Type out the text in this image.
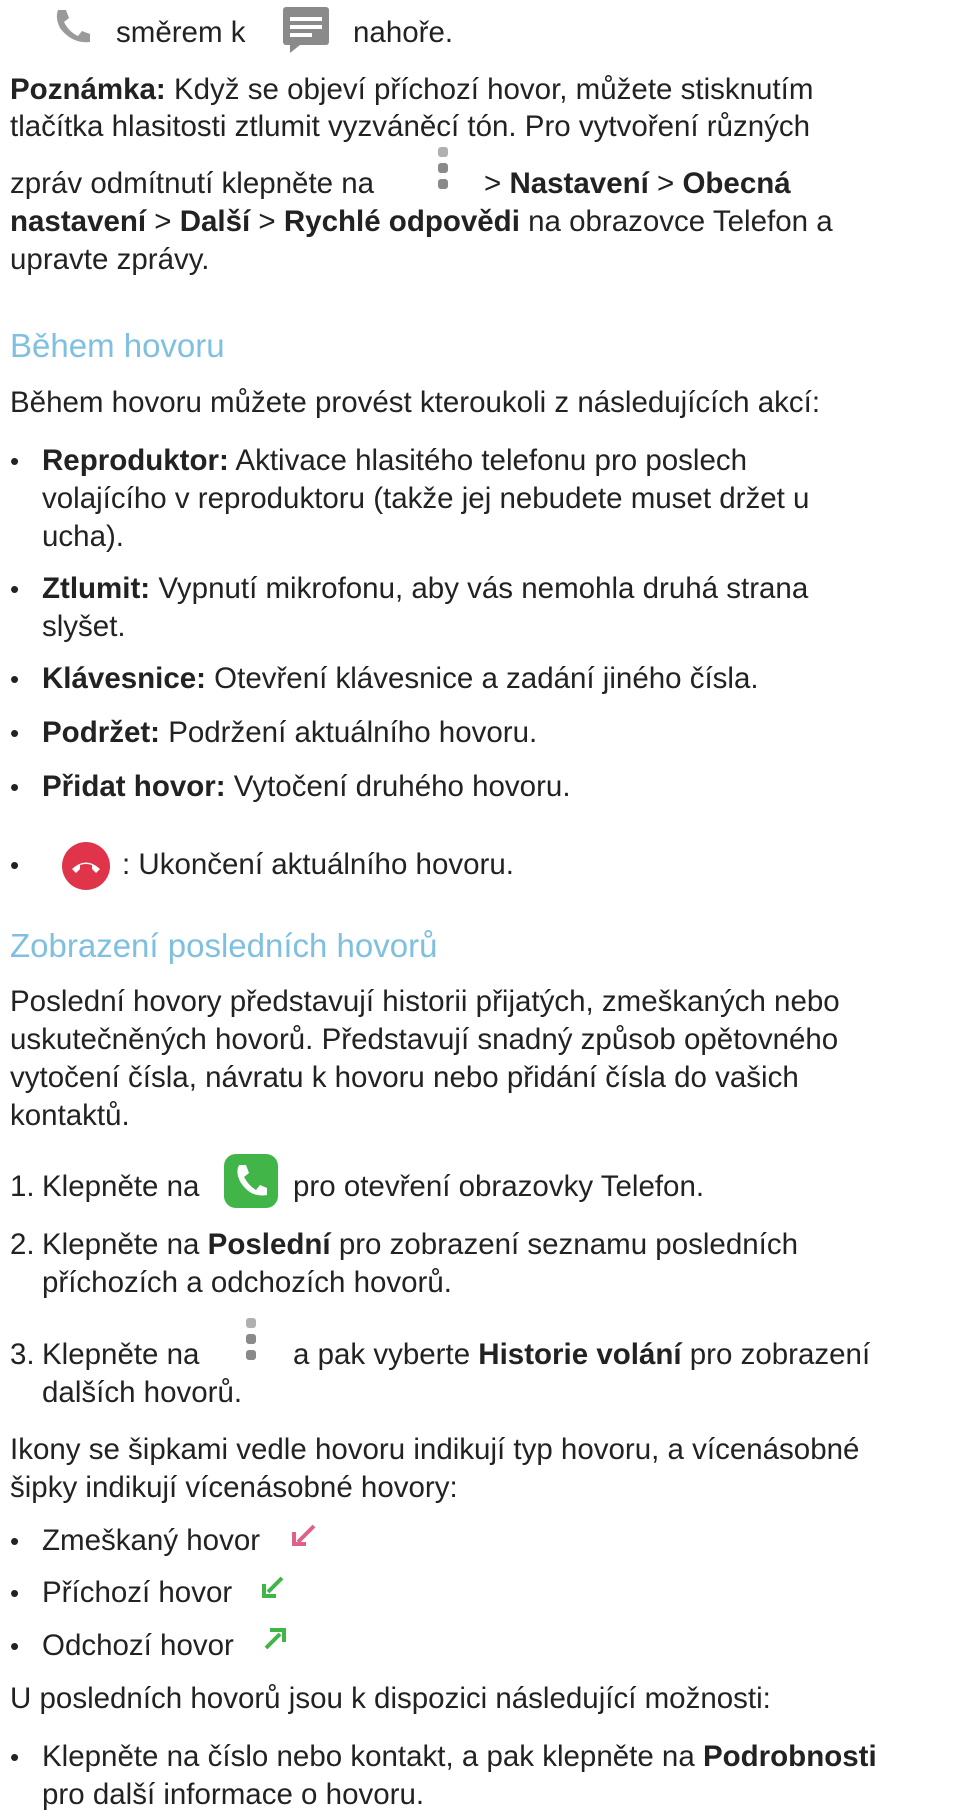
směrem k	nahoře.
Poznámka: Když se objeví příchozí hovor, můžete stisknutím
tlačítka hlasitosti ztlumit vyzváněcí tón. Pro vytvoření různých
zpráv odmítnutí klepněte na	> Nastavení > Obecná
nastavení > Další > Rychlé odpovědi na obrazovce Telefon a
upravte zprávy.
Během hovoru
Během hovoru můžete provést kteroukoli z následujících akcí:
• Reproduktor: Aktivace hlasitého telefonu pro poslech
volajícího v reproduktoru (takže jej nebudete muset držet u
ucha).
• Ztlumit: Vypnutí mikrofonu, aby vás nemohla druhá strana
slyšet.
• Klávesnice: Otevření klávesnice a zadání jiného čísla.
• Podržet: Podržení aktuálního hovoru.
• Přidat hovor: Vytočení druhého hovoru.
•	: Ukončení aktuálního hovoru.
Zobrazení posledních hovorů
Poslední hovory představují historii přijatých, zmeškaných nebo
uskutečněných hovorů. Představují snadný způsob opětovného
vytočení čísla, návratu k hovoru nebo přidání čísla do vašich
kontaktů.
1. Klepněte na	pro otevření obrazovky Telefon.
2. Klepněte na Poslední pro zobrazení seznamu posledních
příchozích a odchozích hovorů.
3. Klepněte na	a pak vyberte Historie volání pro zobrazení
dalších hovorů.
Ikony se šipkami vedle hovoru indikují typ hovoru, a vícenásobné
šipky indikují vícenásobné hovory:
• Zmeškaný hovor
• Příchozí hovor
• Odchozí hovor
U posledních hovorů jsou k dispozici následující možnosti:
• Klepněte na číslo nebo kontakt, a pak klepněte na Podrobnosti
pro další informace o hovoru.
